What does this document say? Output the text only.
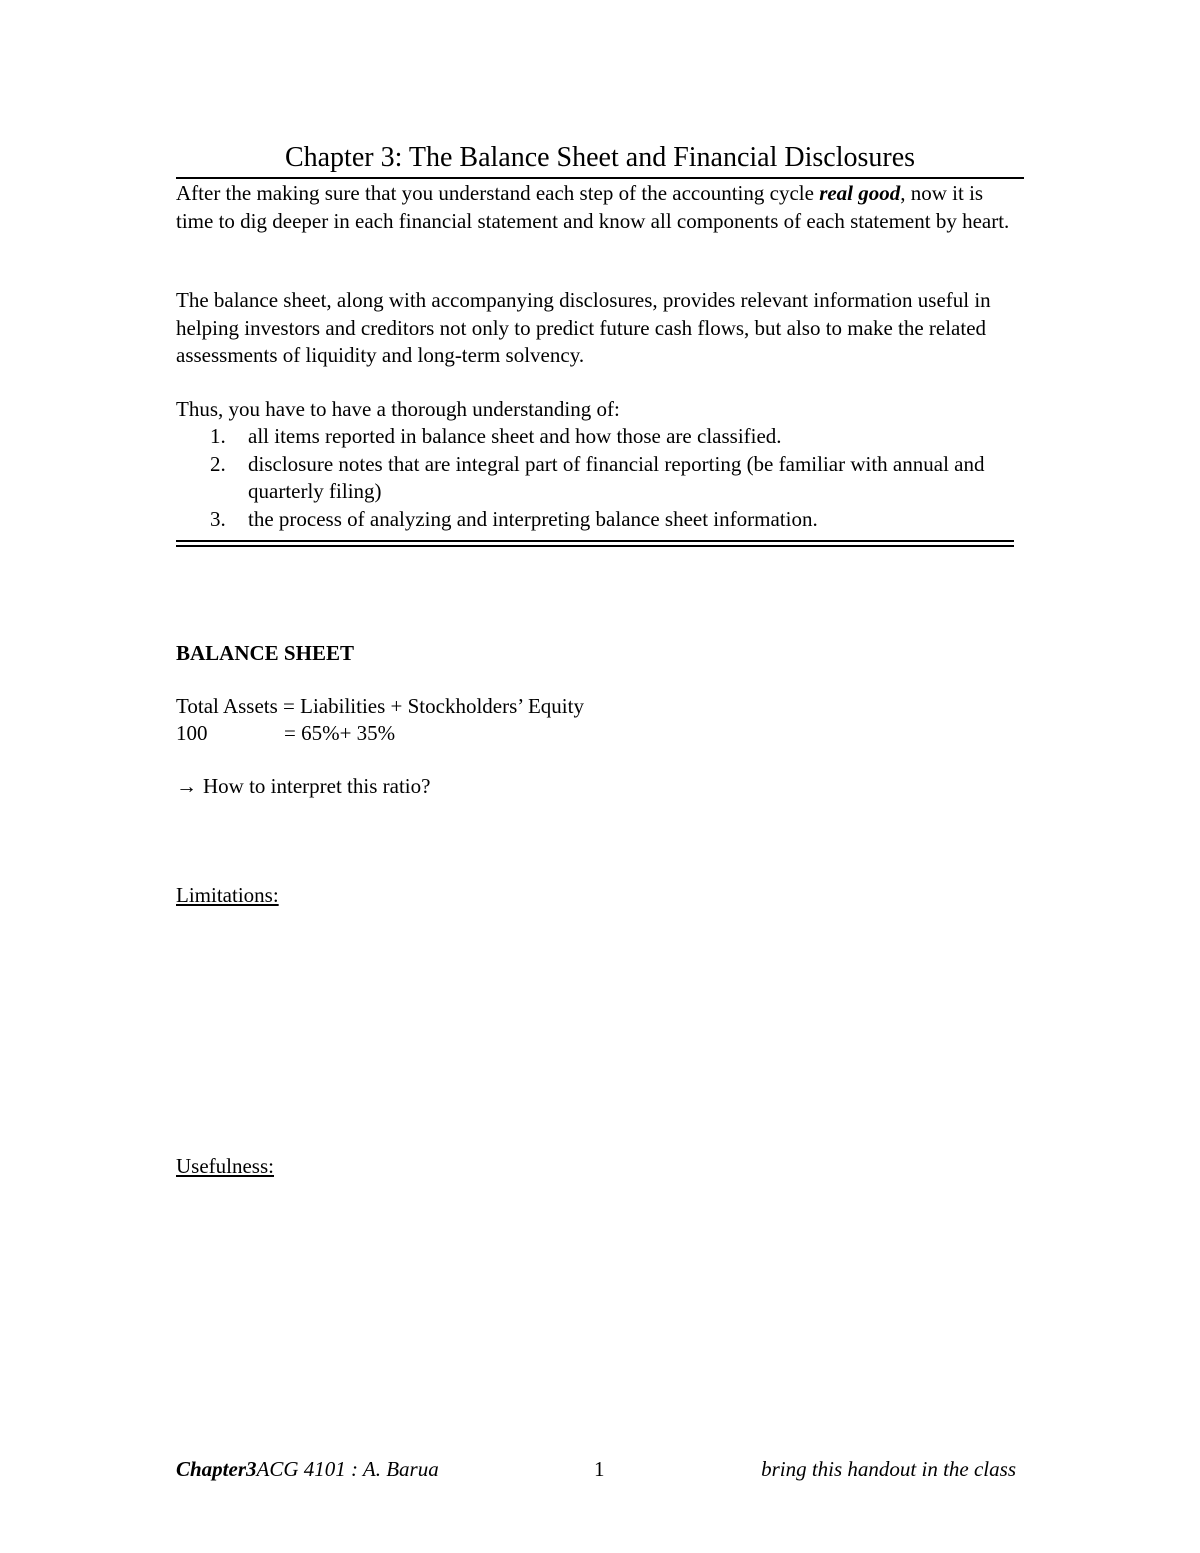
Chapter 3: The Balance Sheet and Financial Disclosures
After the making sure that you understand each step of the accounting cycle real good, now it is time to dig deeper in each financial statement and know all components of each statement by heart.
The balance sheet, along with accompanying disclosures, provides relevant information useful in helping investors and creditors not only to predict future cash flows, but also to make the related assessments of liquidity and long-term solvency.
Thus, you have to have a thorough understanding of:
1. all items reported in balance sheet and how those are classified.
2. disclosure notes that are integral part of financial reporting (be familiar with annual and quarterly filing)
3. the process of analyzing and interpreting balance sheet information.
BALANCE SHEET
Total Assets = Liabilities + Stockholders’ Equity
100	= 65%+ 35%
→ How to interpret this ratio?
Limitations:
Usefulness:
Chapter3ACG 4101 : A. Barua	1	bring this handout in the class
